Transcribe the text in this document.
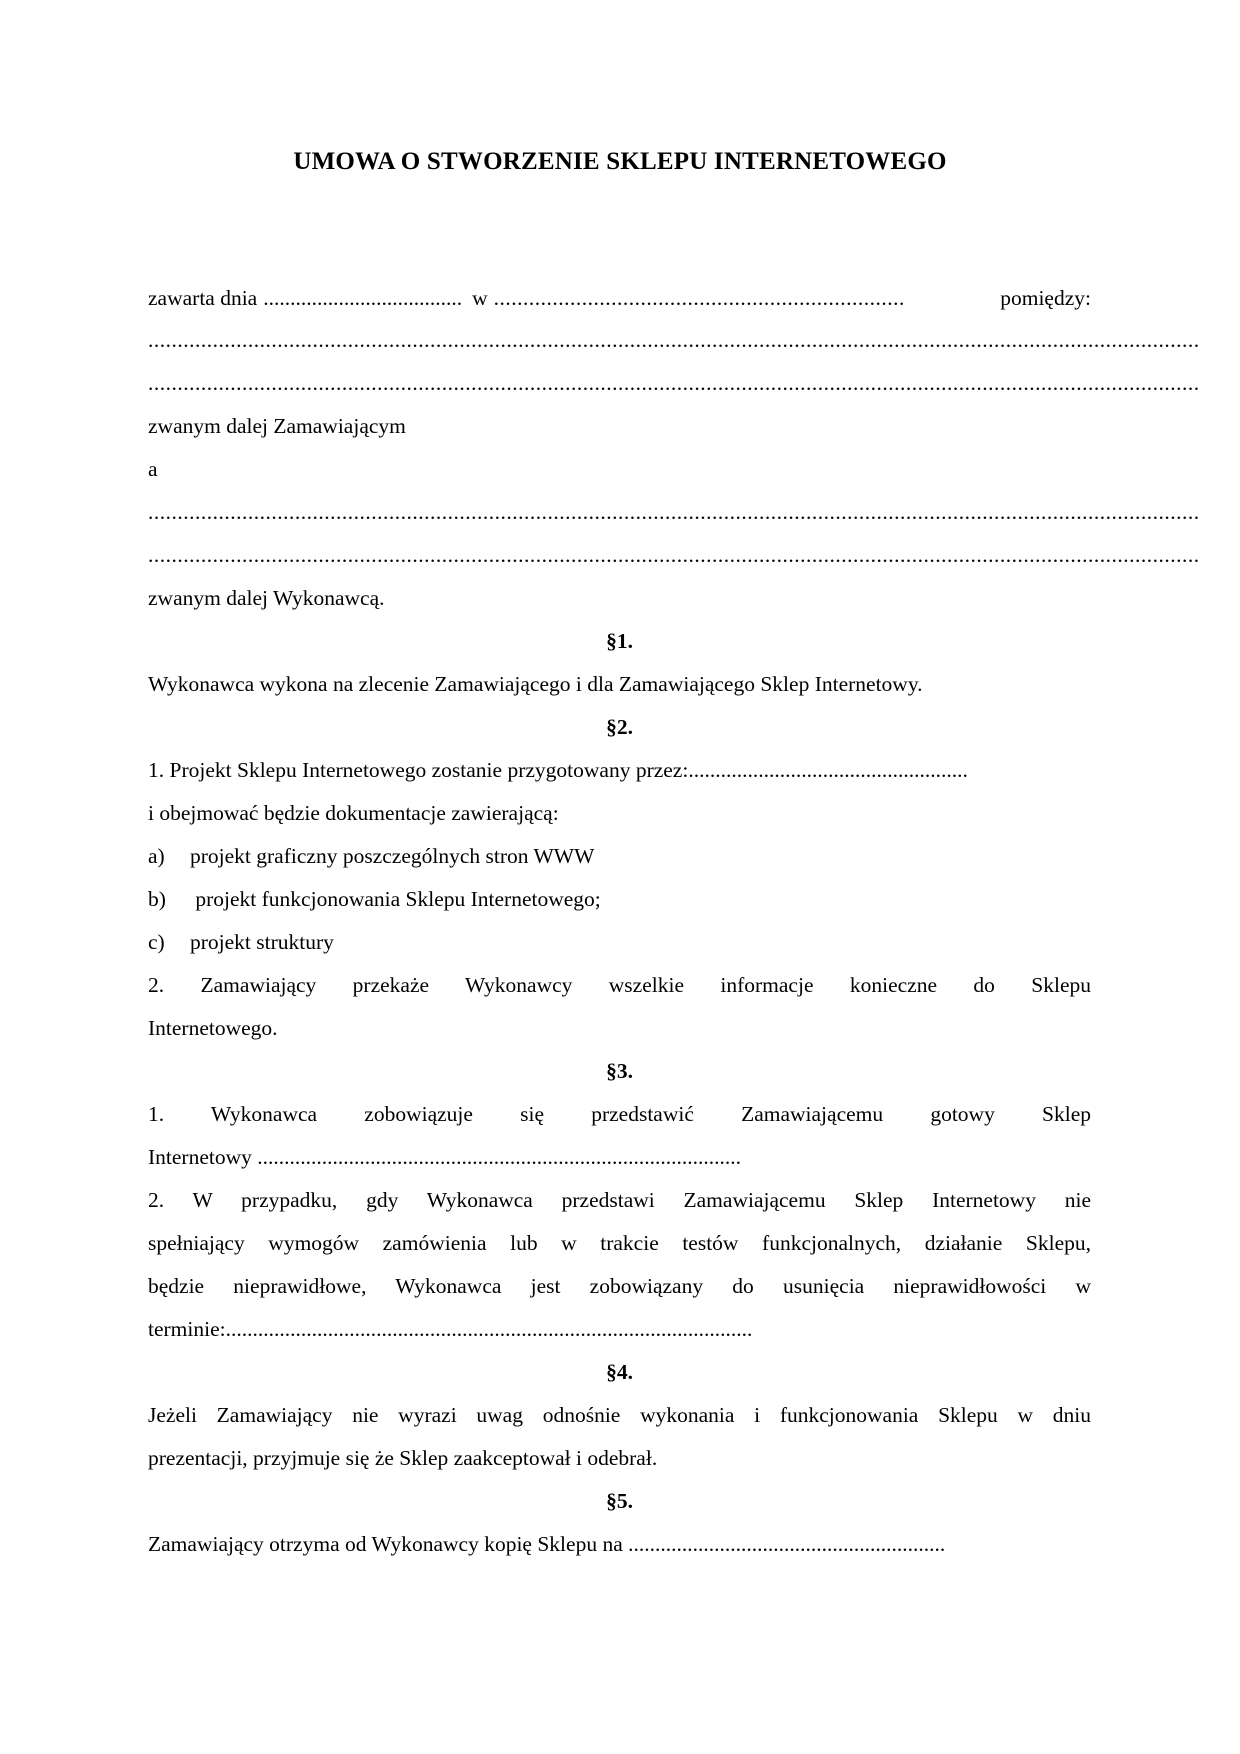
UMOWA O STWORZENIE SKLEPU INTERNETOWEGO
zawarta dnia ..................................... w ......................................................................	pomiędzy:
...................................................................................................................................................................................
...................................................................................................................................................................................
zwanym dalej Zamawiającym
a
...................................................................................................................................................................................
...................................................................................................................................................................................
zwanym dalej Wykonawcą.
§1.
Wykonawca wykona na zlecenie Zamawiającego i dla Zamawiającego Sklep Internetowy.
§2.
1. Projekt Sklepu Internetowego zostanie przygotowany przez:....................................................
i obejmować będzie dokumentacje zawierającą:
a) projekt graficzny poszczególnych stron WWW
b) projekt funkcjonowania Sklepu Internetowego;
c) projekt struktury
2. Zamawiający przekaże Wykonawcy wszelkie informacje konieczne do Sklepu
Internetowego.
§3.
1. Wykonawca zobowiązuje się przedstawić Zamawiającemu gotowy Sklep
Internetowy ..........................................................................................
2. W przypadku, gdy Wykonawca przedstawi Zamawiającemu Sklep Internetowy nie
spełniający wymogów zamówienia lub w trakcie testów funkcjonalnych, działanie Sklepu,
będzie nieprawidłowe, Wykonawca jest zobowiązany do usunięcia nieprawidłowości w
terminie:..................................................................................................
§4.
Jeżeli Zamawiający nie wyrazi uwag odnośnie wykonania i funkcjonowania Sklepu w dniu
prezentacji, przyjmuje się że Sklep zaakceptował i odebrał.
§5.
Zamawiający otrzyma od Wykonawcy kopię Sklepu na ...........................................................
